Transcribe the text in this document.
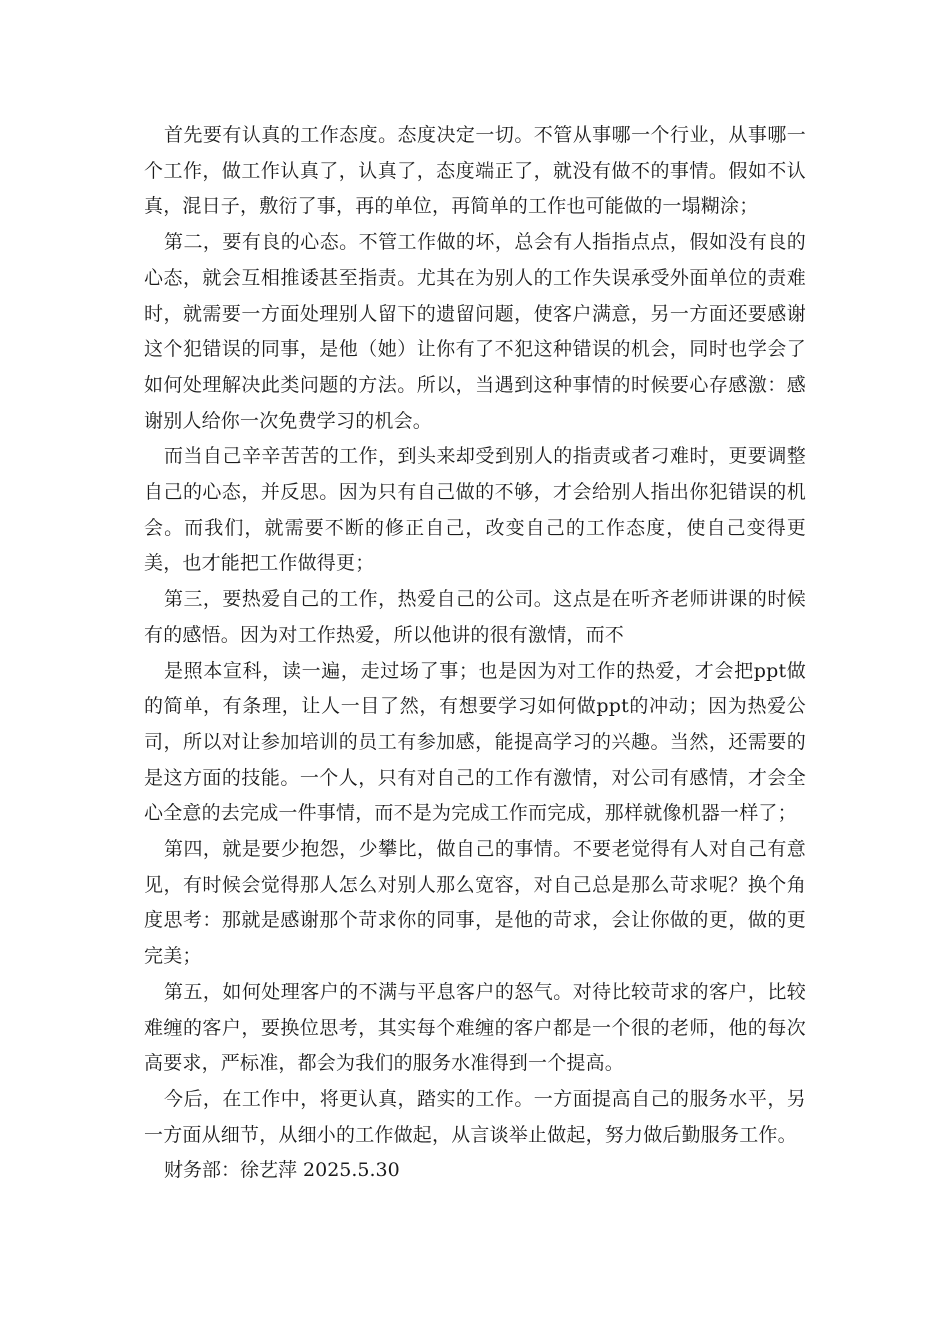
首先要有认真的工作态度。态度决定一切。不管从事哪一个行业，从事哪一个工作，做工作认真了，认真了，态度端正了，就没有做不的事情。假如不认真，混日子，敷衍了事，再的单位，再简单的工作也可能做的一塌糊涂；

第二，要有良的心态。不管工作做的坏，总会有人指指点点，假如没有良的心态，就会互相推诿甚至指责。尤其在为别人的工作失误承受外面单位的责难时，就需要一方面处理别人留下的遗留问题，使客户满意，另一方面还要感谢这个犯错误的同事，是他（她）让你有了不犯这种错误的机会，同时也学会了如何处理解决此类问题的方法。所以，当遇到这种事情的时候要心存感激：感谢别人给你一次免费学习的机会。

而当自己辛辛苦苦的工作，到头来却受到别人的指责或者刁难时，更要调整自己的心态，并反思。因为只有自己做的不够，才会给别人指出你犯错误的机会。而我们，就需要不断的修正自己，改变自己的工作态度，使自己变得更美，也才能把工作做得更；

第三，要热爱自己的工作，热爱自己的公司。这点是在听齐老师讲课的时候有的感悟。因为对工作热爱，所以他讲的很有激情，而不

是照本宣科，读一遍，走过场了事；也是因为对工作的热爱，才会把ppt做的简单，有条理，让人一目了然，有想要学习如何做ppt的冲动；因为热爱公司，所以对让参加培训的员工有参加感，能提高学习的兴趣。当然，还需要的是这方面的技能。一个人，只有对自己的工作有激情，对公司有感情，才会全心全意的去完成一件事情，而不是为完成工作而完成，那样就像机器一样了；

第四，就是要少抱怨，少攀比，做自己的事情。不要老觉得有人对自己有意见，有时候会觉得那人怎么对别人那么宽容，对自己总是那么苛求呢？换个角度思考：那就是感谢那个苛求你的同事，是他的苛求，会让你做的更，做的更完美；

第五，如何处理客户的不满与平息客户的怒气。对待比较苛求的客户，比较难缠的客户，要换位思考，其实每个难缠的客户都是一个很的老师，他的每次高要求，严标准，都会为我们的服务水准得到一个提高。

今后，在工作中，将更认真，踏实的工作。一方面提高自己的服务水平，另一方面从细节，从细小的工作做起，从言谈举止做起，努力做后勤服务工作。

财务部：徐艺萍 2025.5.30
